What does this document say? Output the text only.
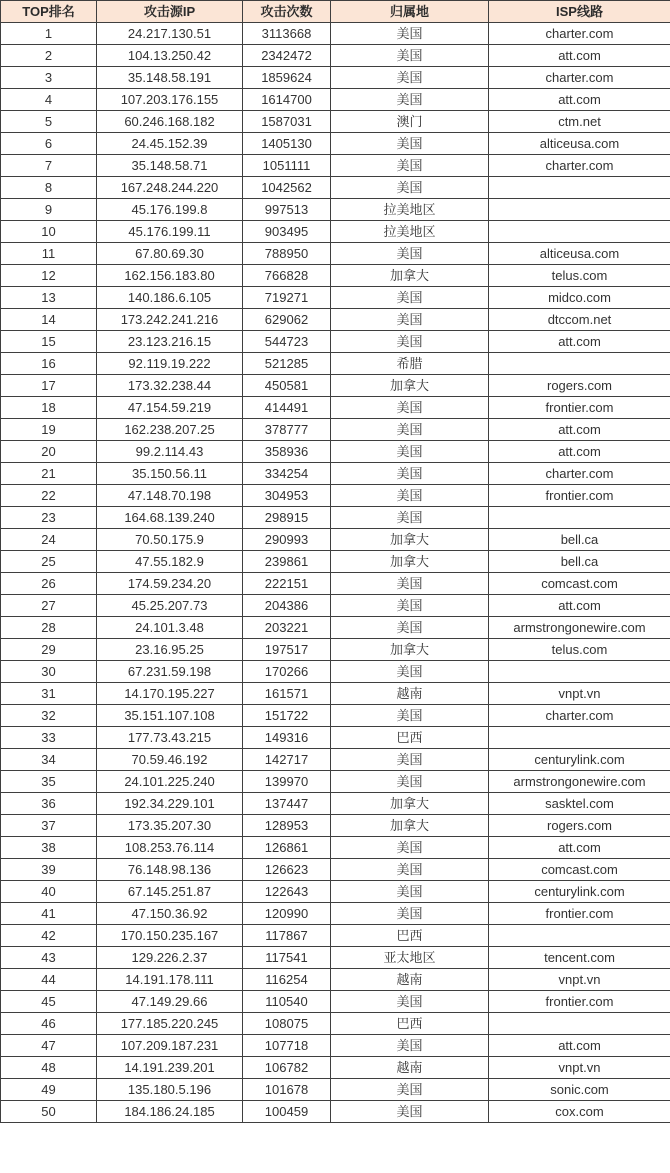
TOP排名	攻击源IP	攻击次数	归属地	ISP线路
1	24.217.130.51	3113668	美国	charter.com
2	104.13.250.42	2342472	美国	att.com
3	35.148.58.191	1859624	美国	charter.com
4	107.203.176.155	1614700	美国	att.com
5	60.246.168.182	1587031	澳门	ctm.net
6	24.45.152.39	1405130	美国	alticeusa.com
7	35.148.58.71	1051111	美国	charter.com
8	167.248.244.220	1042562	美国	
9	45.176.199.8	997513	拉美地区	
10	45.176.199.11	903495	拉美地区	
11	67.80.69.30	788950	美国	alticeusa.com
12	162.156.183.80	766828	加拿大	telus.com
13	140.186.6.105	719271	美国	midco.com
14	173.242.241.216	629062	美国	dtccom.net
15	23.123.216.15	544723	美国	att.com
16	92.119.19.222	521285	希腊	
17	173.32.238.44	450581	加拿大	rogers.com
18	47.154.59.219	414491	美国	frontier.com
19	162.238.207.25	378777	美国	att.com
20	99.2.114.43	358936	美国	att.com
21	35.150.56.11	334254	美国	charter.com
22	47.148.70.198	304953	美国	frontier.com
23	164.68.139.240	298915	美国	
24	70.50.175.9	290993	加拿大	bell.ca
25	47.55.182.9	239861	加拿大	bell.ca
26	174.59.234.20	222151	美国	comcast.com
27	45.25.207.73	204386	美国	att.com
28	24.101.3.48	203221	美国	armstrongonewire.com
29	23.16.95.25	197517	加拿大	telus.com
30	67.231.59.198	170266	美国	
31	14.170.195.227	161571	越南	vnpt.vn
32	35.151.107.108	151722	美国	charter.com
33	177.73.43.215	149316	巴西	
34	70.59.46.192	142717	美国	centurylink.com
35	24.101.225.240	139970	美国	armstrongonewire.com
36	192.34.229.101	137447	加拿大	sasktel.com
37	173.35.207.30	128953	加拿大	rogers.com
38	108.253.76.114	126861	美国	att.com
39	76.148.98.136	126623	美国	comcast.com
40	67.145.251.87	122643	美国	centurylink.com
41	47.150.36.92	120990	美国	frontier.com
42	170.150.235.167	117867	巴西	
43	129.226.2.37	117541	亚太地区	tencent.com
44	14.191.178.111	116254	越南	vnpt.vn
45	47.149.29.66	110540	美国	frontier.com
46	177.185.220.245	108075	巴西	
47	107.209.187.231	107718	美国	att.com
48	14.191.239.201	106782	越南	vnpt.vn
49	135.180.5.196	101678	美国	sonic.com
50	184.186.24.185	100459	美国	cox.com
